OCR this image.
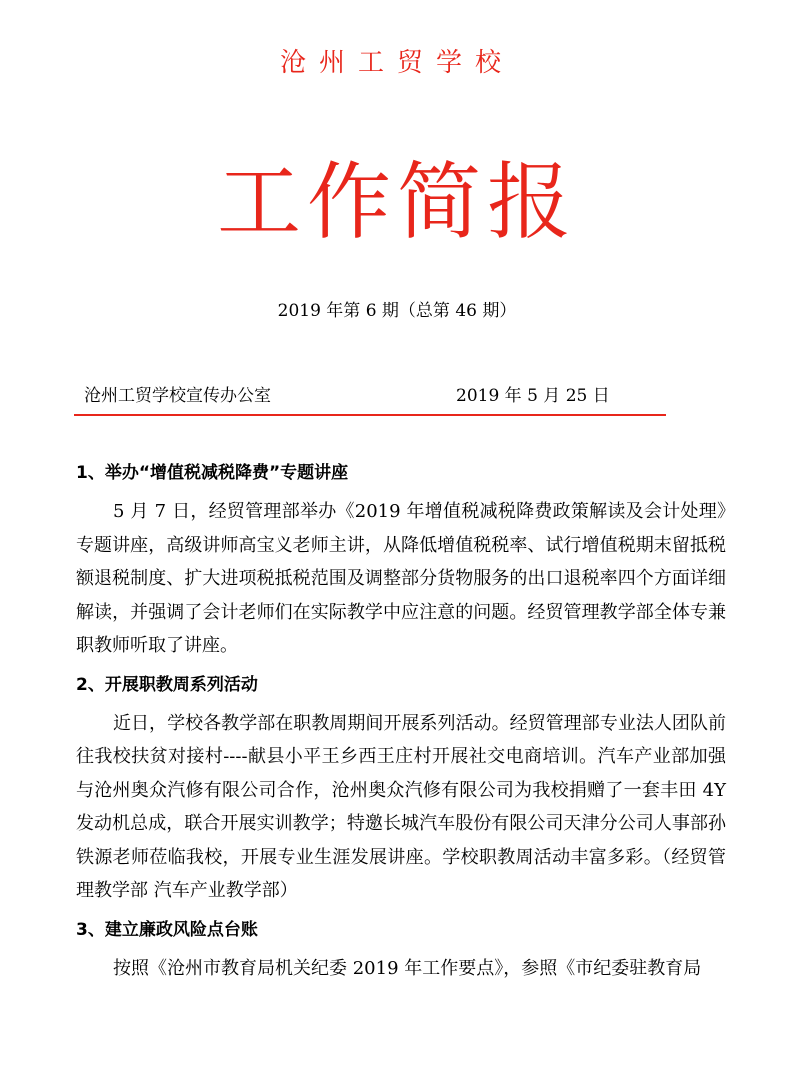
沧州工贸学校
工作简报
2019 年第 6 期（总第 46 期）
沧州工贸学校宣传办公室	2019 年 5 月 25 日

1、举办“增值税减税降费”专题讲座

5 月 7 日，经贸管理部举办《2019 年增值税减税降费政策解读及会计处理》专题讲座，高级讲师高宝义老师主讲，从降低增值税税率、试行增值税期末留抵税额退税制度、扩大进项税抵税范围及调整部分货物服务的出口退税率四个方面详细解读，并强调了会计老师们在实际教学中应注意的问题。经贸管理教学部全体专兼职教师听取了讲座。

2、开展职教周系列活动

近日，学校各教学部在职教周期间开展系列活动。经贸管理部专业法人团队前往我校扶贫对接村----献县小平王乡西王庄村开展社交电商培训。汽车产业部加强与沧州奥众汽修有限公司合作，沧州奥众汽修有限公司为我校捐赠了一套丰田 4Y 发动机总成，联合开展实训教学；特邀长城汽车股份有限公司天津分公司人事部孙铁源老师莅临我校，开展专业生涯发展讲座。学校职教周活动丰富多彩。（经贸管理教学部 汽车产业教学部）

3、建立廉政风险点台账

按照《沧州市教育局机关纪委 2019 年工作要点》，参照《市纪委驻教育局
